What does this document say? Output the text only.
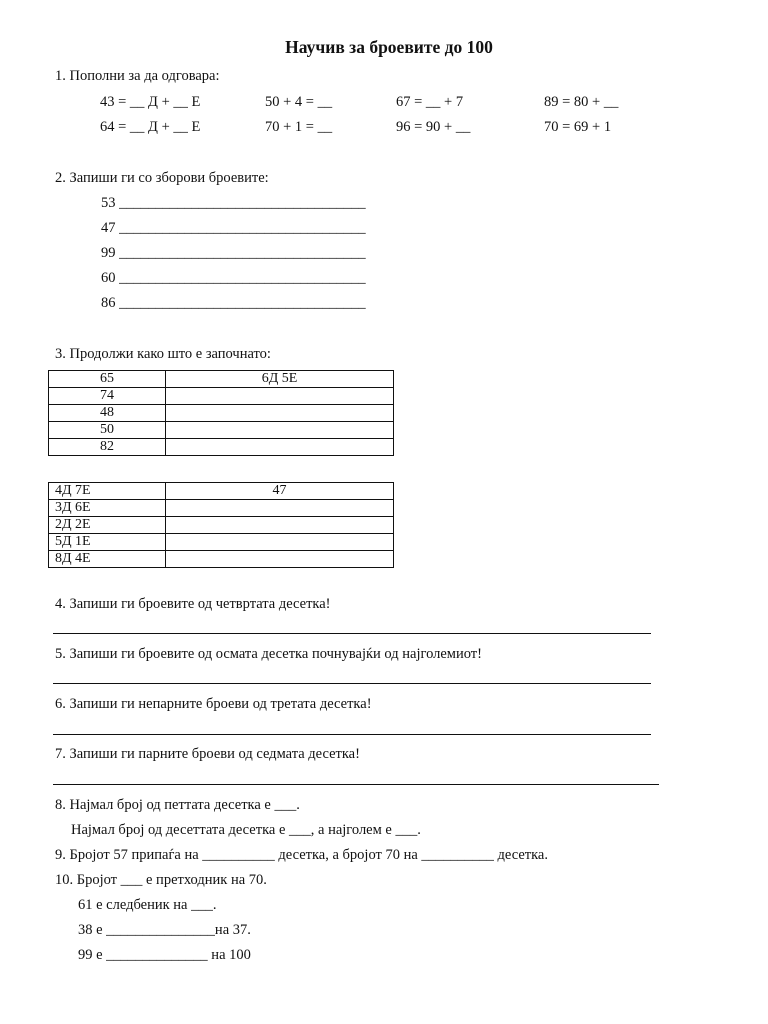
Научив за броевите до 100
1. Пополни за да одговара:
43 = __ Д + __ Е	50 + 4 = __	67 = __ + 7	89 = 80 + __
64 = __ Д + __ Е	70 + 1 = __	96 = 90 + __	70 = 69 + 1
2. Запиши ги со зборови броевите:
53 __________________________________
47 __________________________________
99 __________________________________
60 __________________________________
86 __________________________________
3. Продолжи како што е започнато:
65	6Д 5Е
74	
48	
50	
82	
4Д 7Е	47
3Д 6Е	
2Д 2Е	
5Д 1Е	
8Д 4Е	
4. Запиши ги броевите од четвртата десетка!
5. Запиши ги броевите од осмата десетка почнувајќи од најголемиот!
6. Запиши ги непарните броеви од третата десетка!
7. Запиши ги парните броеви од седмата десетка!
8. Најмал број од петтата десетка е ___.
Најмал број од десеттата десетка е ___, а најголем е ___.
9. Бројот 57 припаѓа на __________ десетка, а бројот 70 на __________ десетка.
10. Бројот ___ е претходник на 70.
61 е следбеник на ___.
38 е _______________на 37.
99 е ______________ на 100
